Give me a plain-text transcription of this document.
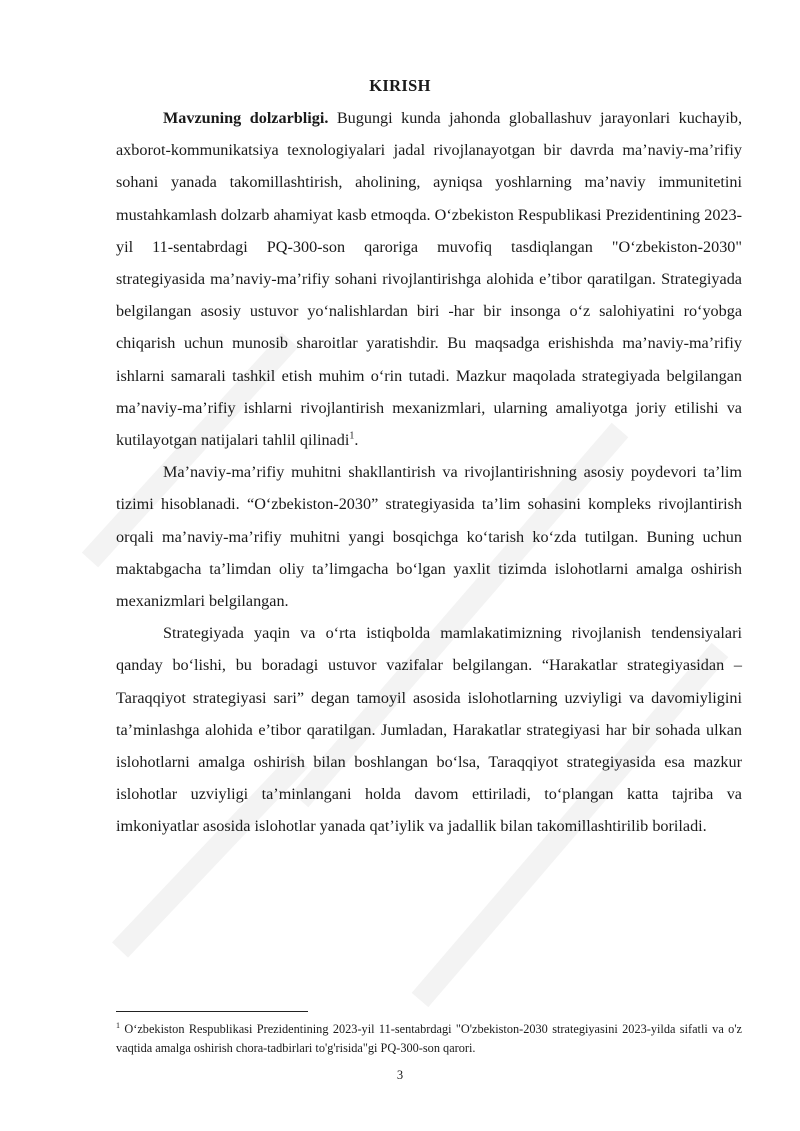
KIRISH

Mavzuning dolzarbligi. Bugungi kunda jahonda globallashuv jarayonlari kuchayib, axborot-kommunikatsiya texnologiyalari jadal rivojlanayotgan bir davrda ma’naviy-ma’rifiy sohani yanada takomillashtirish, aholining, ayniqsa yoshlarning ma’naviy immunitetini mustahkamlash dolzarb ahamiyat kasb etmoqda. O‘zbekiston Respublikasi Prezidentining 2023-yil 11-sentabrdagi PQ-300-son qaroriga muvofiq tasdiqlangan "O‘zbekiston-2030" strategiyasida ma’naviy-ma’rifiy sohani rivojlantirishga alohida e’tibor qaratilgan. Strategiyada belgilangan asosiy ustuvor yo‘nalishlardan biri -har bir insonga o‘z salohiyatini ro‘yobga chiqarish uchun munosib sharoitlar yaratishdir. Bu maqsadga erishishda ma’naviy-ma’rifiy ishlarni samarali tashkil etish muhim o‘rin tutadi. Mazkur maqolada strategiyada belgilangan ma’naviy-ma’rifiy ishlarni rivojlantirish mexanizmlari, ularning amaliyotga joriy etilishi va kutilayotgan natijalari tahlil qilinadi$^1$.

Ma’naviy-ma’rifiy muhitni shakllantirish va rivojlantirishning asosiy poydevori ta’lim tizimi hisoblanadi. “O‘zbekiston-2030” strategiyasida ta’lim sohasini kompleks rivojlantirish orqali ma’naviy-ma’rifiy muhitni yangi bosqichga ko‘tarish ko‘zda tutilgan. Buning uchun maktabgacha ta’limdan oliy ta’limgacha bo‘lgan yaxlit tizimda islohotlarni amalga oshirish mexanizmlari belgilangan.

Strategiyada yaqin va o‘rta istiqbolda mamlakatimizning rivojlanish tendensiyalari qanday bo‘lishi, bu boradagi ustuvor vazifalar belgilangan. “Harakatlar strategiyasidan – Taraqqiyot strategiyasi sari” degan tamoyil asosida islohotlarning uzviyligi va davomiyligini ta’minlashga alohida e’tibor qaratilgan. Jumladan, Harakatlar strategiyasi har bir sohada ulkan islohotlarni amalga oshirish bilan boshlangan bo‘lsa, Taraqqiyot strategiyasida esa mazkur islohotlar uzviyligi ta’minlangani holda davom ettiriladi, to‘plangan katta tajriba va imkoniyatlar asosida islohotlar yanada qat’iylik va jadallik bilan takomillashtirilib boriladi.

$^1$ O‘zbekiston Respublikasi Prezidentining 2023-yil 11-sentabrdagi "O'zbekiston-2030 strategiyasini 2023-yilda sifatli va o'z vaqtida amalga oshirish chora-tadbirlari to'g'risida"gi PQ-300-son qarori.
3
